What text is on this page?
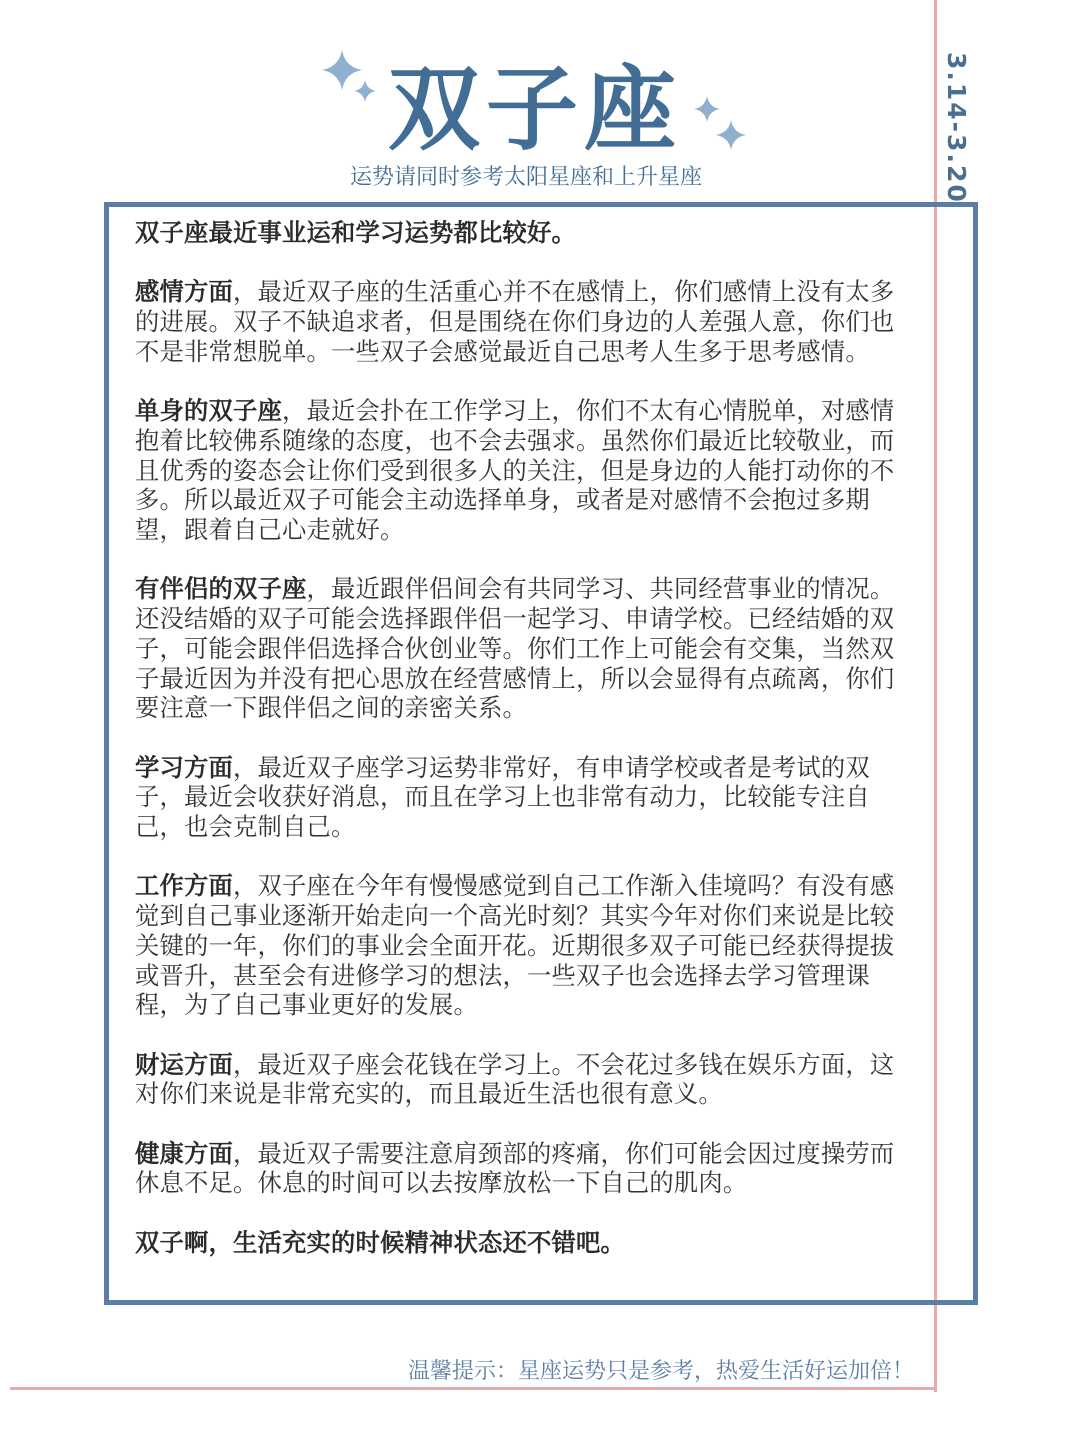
3.14-3.20
双子座
运势请同时参考太阳星座和上升星座

双子座最近事业运和学习运势都比较好。

感情方面，最近双子座的生活重心并不在感情上，你们感情上没有太多的进展。双子不缺追求者，但是围绕在你们身边的人差强人意，你们也不是非常想脱单。一些双子会感觉最近自己思考人生多于思考感情。

单身的双子座，最近会扑在工作学习上，你们不太有心情脱单，对感情抱着比较佛系随缘的态度，也不会去强求。虽然你们最近比较敬业，而且优秀的姿态会让你们受到很多人的关注，但是身边的人能打动你的不多。所以最近双子可能会主动选择单身，或者是对感情不会抱过多期望，跟着自己心走就好。

有伴侣的双子座，最近跟伴侣间会有共同学习、共同经营事业的情况。还没结婚的双子可能会选择跟伴侣一起学习、申请学校。已经结婚的双子，可能会跟伴侣选择合伙创业等。你们工作上可能会有交集，当然双子最近因为并没有把心思放在经营感情上，所以会显得有点疏离，你们要注意一下跟伴侣之间的亲密关系。

学习方面，最近双子座学习运势非常好，有申请学校或者是考试的双子，最近会收获好消息，而且在学习上也非常有动力，比较能专注自己，也会克制自己。

工作方面，双子座在今年有慢慢感觉到自己工作渐入佳境吗？有没有感觉到自己事业逐渐开始走向一个高光时刻？其实今年对你们来说是比较关键的一年，你们的事业会全面开花。近期很多双子可能已经获得提拔或晋升，甚至会有进修学习的想法，一些双子也会选择去学习管理课程，为了自己事业更好的发展。

财运方面，最近双子座会花钱在学习上。不会花过多钱在娱乐方面，这对你们来说是非常充实的，而且最近生活也很有意义。

健康方面，最近双子需要注意肩颈部的疼痛，你们可能会因过度操劳而休息不足。休息的时间可以去按摩放松一下自己的肌肉。

双子啊，生活充实的时候精神状态还不错吧。

温馨提示：星座运势只是参考，热爱生活好运加倍！
